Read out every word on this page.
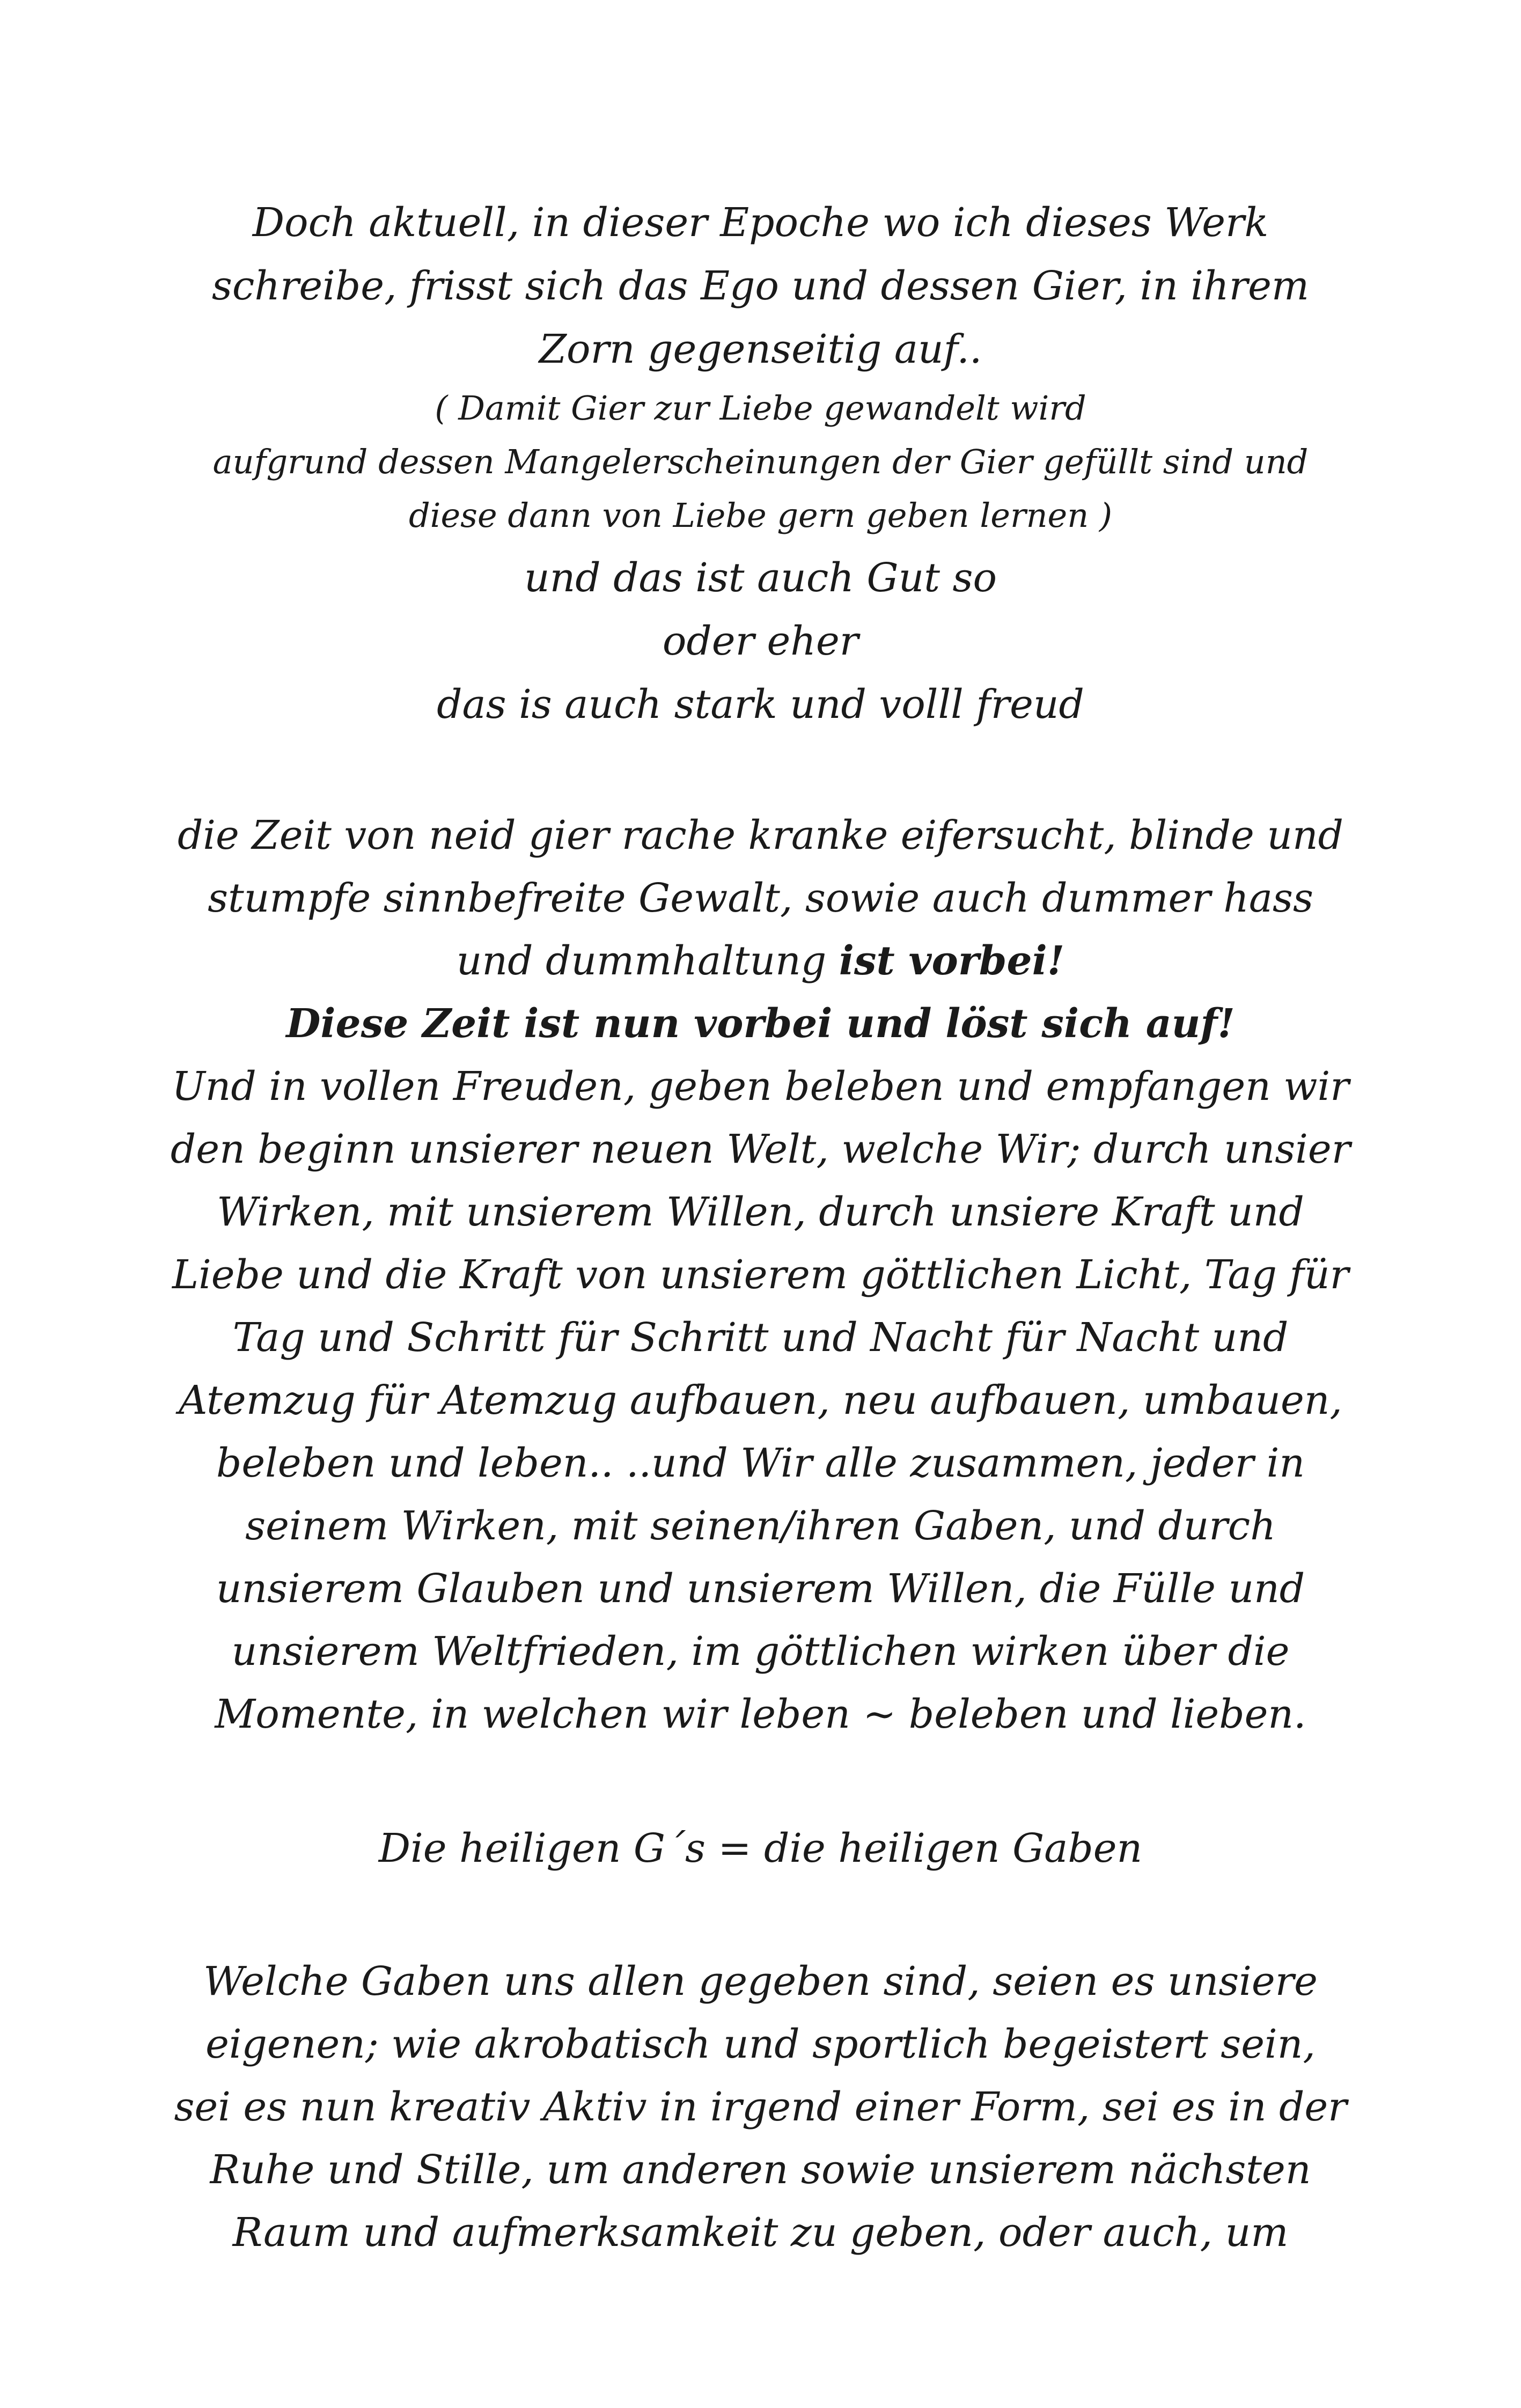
Doch aktuell, in dieser Epoche wo ich dieses Werk
schreibe, frisst sich das Ego und dessen Gier, in ihrem
Zorn gegenseitig auf..
( Damit Gier zur Liebe gewandelt wird
aufgrund dessen Mangelerscheinungen der Gier gefüllt sind und
diese dann von Liebe gern geben lernen )
und das ist auch Gut so
oder eher
das is auch stark und volll freud
die Zeit von neid gier rache kranke eifersucht, blinde und
stumpfe sinnbefreite Gewalt, sowie auch dummer hass
und dummhaltung ist vorbei!
Diese Zeit ist nun vorbei und löst sich auf!
Und in vollen Freuden, geben beleben und empfangen wir
den beginn unsierer neuen Welt, welche Wir; durch unsier
Wirken, mit unsierem Willen, durch unsiere Kraft und
Liebe und die Kraft von unsierem göttlichen Licht, Tag für
Tag und Schritt für Schritt und Nacht für Nacht und
Atemzug für Atemzug aufbauen, neu aufbauen, umbauen,
beleben und leben.. ..und Wir alle zusammen, jeder in
seinem Wirken, mit seinen/ihren Gaben, und durch
unsierem Glauben und unsierem Willen, die Fülle und
unsierem Weltfrieden, im göttlichen wirken über die
Momente, in welchen wir leben ~ beleben und lieben.
Die heiligen G´s = die heiligen Gaben
Welche Gaben uns allen gegeben sind, seien es unsiere
eigenen; wie akrobatisch und sportlich begeistert sein,
sei es nun kreativ Aktiv in irgend einer Form, sei es in der
Ruhe und Stille, um anderen sowie unsierem nächsten
Raum und aufmerksamkeit zu geben, oder auch, um
